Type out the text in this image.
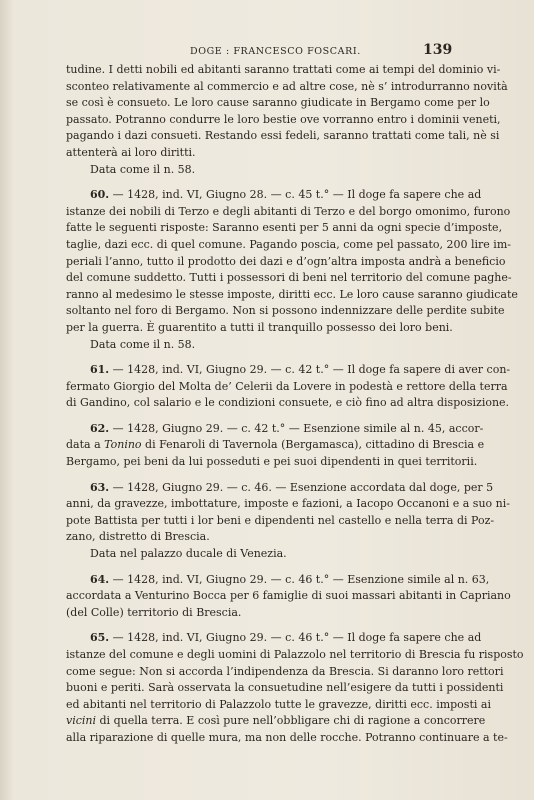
DOGE : FRANCESCO FOSCARI.	139
tudine. I detti nobili ed abitanti saranno trattati come ai tempi del dominio vi-
sconteo relativamente al commercio e ad altre cose, nè s’ introdurranno novità
se così è consueto. Le loro cause saranno giudicate in Bergamo come per lo
passato. Potranno condurre le loro bestie ove vorranno entro i dominii veneti,
pagando i dazi consueti. Restando essi fedeli, saranno trattati come tali, nè si
attenterà ai loro diritti.
Data come il n. 58.
60. — 1428, ind. VI, Giugno 28. — c. 45 t.° — Il doge fa sapere che ad
istanze dei nobili di Terzo e degli abitanti di Terzo e del borgo omonimo, furono
fatte le seguenti risposte: Saranno esenti per 5 anni da ogni specie d’imposte,
taglie, dazi ecc. di quel comune. Pagando poscia, come pel passato, 200 lire im-
periali l’anno, tutto il prodotto dei dazi e d’ogn’altra imposta andrà a beneficio
del comune suddetto. Tutti i possessori di beni nel territorio del comune paghe-
ranno al medesimo le stesse imposte, diritti ecc. Le loro cause saranno giudicate
soltanto nel foro di Bergamo. Non si possono indennizzare delle perdite subite
per la guerra. È guarentito a tutti il tranquillo possesso dei loro beni.
Data come il n. 58.
61. — 1428, ind. VI, Giugno 29. — c. 42 t.° — Il doge fa sapere di aver con-
fermato Giorgio del Molta de’ Celerii da Lovere in podestà e rettore della terra
di Gandino, col salario e le condizioni consuete, e ciò fino ad altra disposizione.
62. — 1428, Giugno 29. — c. 42 t.° — Esenzione simile al n. 45, accor-
data a Tonino di Fenaroli di Tavernola (Bergamasca), cittadino di Brescia e
Bergamo, pei beni da lui posseduti e pei suoi dipendenti in quei territorii.
63. — 1428, Giugno 29. — c. 46. — Esenzione accordata dal doge, per 5
anni, da gravezze, imbottature, imposte e fazioni, a Iacopo Occanoni e a suo ni-
pote Battista per tutti i lor beni e dipendenti nel castello e nella terra di Poz-
zano, distretto di Brescia.
Data nel palazzo ducale di Venezia.
64. — 1428, ind. VI, Giugno 29. — c. 46 t.° — Esenzione simile al n. 63,
accordata a Venturino Bocca per 6 famiglie di suoi massari abitanti in Capriano
(del Colle) territorio di Brescia.
65. — 1428, ind. VI, Giugno 29. — c. 46 t.° — Il doge fa sapere che ad
istanze del comune e degli uomini di Palazzolo nel territorio di Brescia fu risposto
come segue: Non si accorda l’indipendenza da Brescia. Si daranno loro rettori
buoni e periti. Sarà osservata la consuetudine nell’esigere da tutti i possidenti
ed abitanti nel territorio di Palazzolo tutte le gravezze, diritti ecc. imposti ai
vicini di quella terra. E così pure nell’obbligare chi di ragione a concorrere
alla riparazione di quelle mura, ma non delle rocche. Potranno continuare a te-
